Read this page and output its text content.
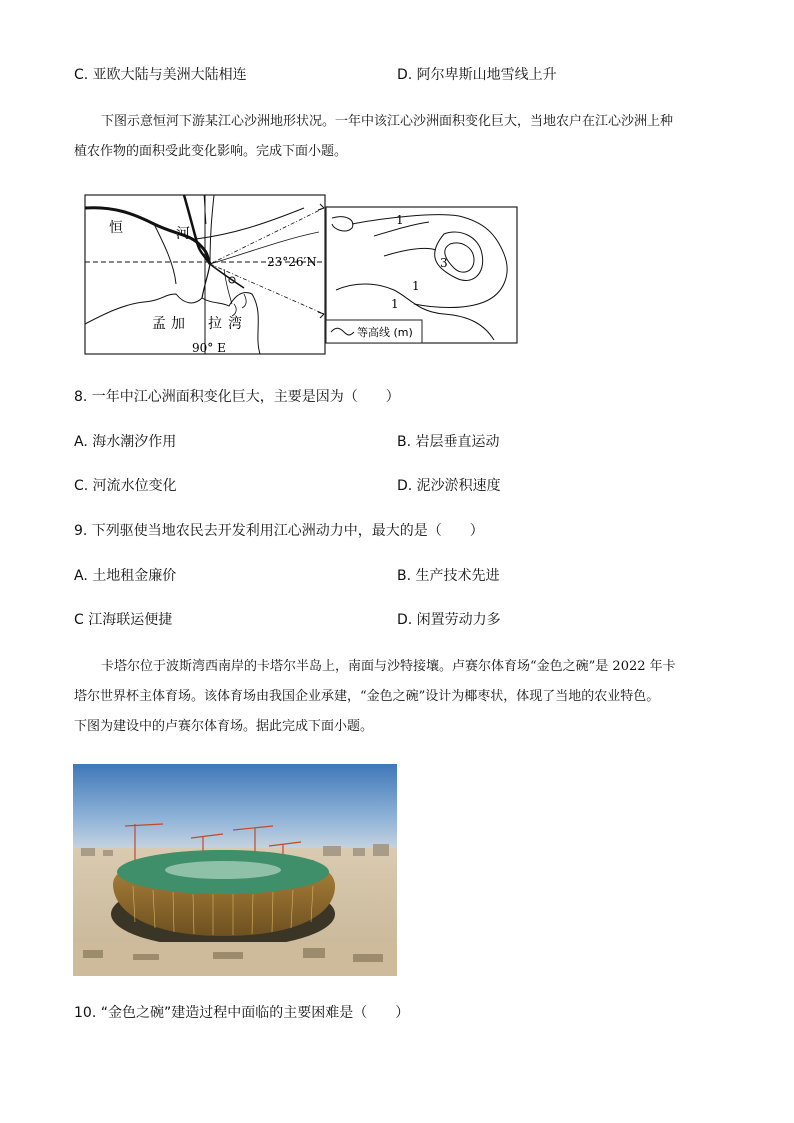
C. 亚欧大陆与美洲大陆相连	D. 阿尔卑斯山地雪线上升

下图示意恒河下游某江心沙洲地形状况。一年中该江心沙洲面积变化巨大，当地农户在江心沙洲上种

植农作物的面积受此变化影响。完成下面小题。

恒	河
23°26′N
孟 加 拉 湾
90° E
1
3
1
1
等高线 (m)
8. 一年中江心洲面积变化巨大，主要是因为（　　）
A. 海水潮汐作用	B. 岩层垂直运动
C. 河流水位变化	D. 泥沙淤积速度
9. 下列驱使当地农民去开发利用江心洲动力中，最大的是（　　）
A. 土地租金廉价	B. 生产技术先进
C 江海联运便捷	D. 闲置劳动力多

卡塔尔位于波斯湾西南岸的卡塔尔半岛上，南面与沙特接壤。卢赛尔体育场“金色之碗”是 2022 年卡

塔尔世界杯主体育场。该体育场由我国企业承建，“金色之碗”设计为椰枣状，体现了当地的农业特色。

下图为建设中的卢赛尔体育场。据此完成下面小题。

10. “金色之碗”建造过程中面临的主要困难是（　　）
